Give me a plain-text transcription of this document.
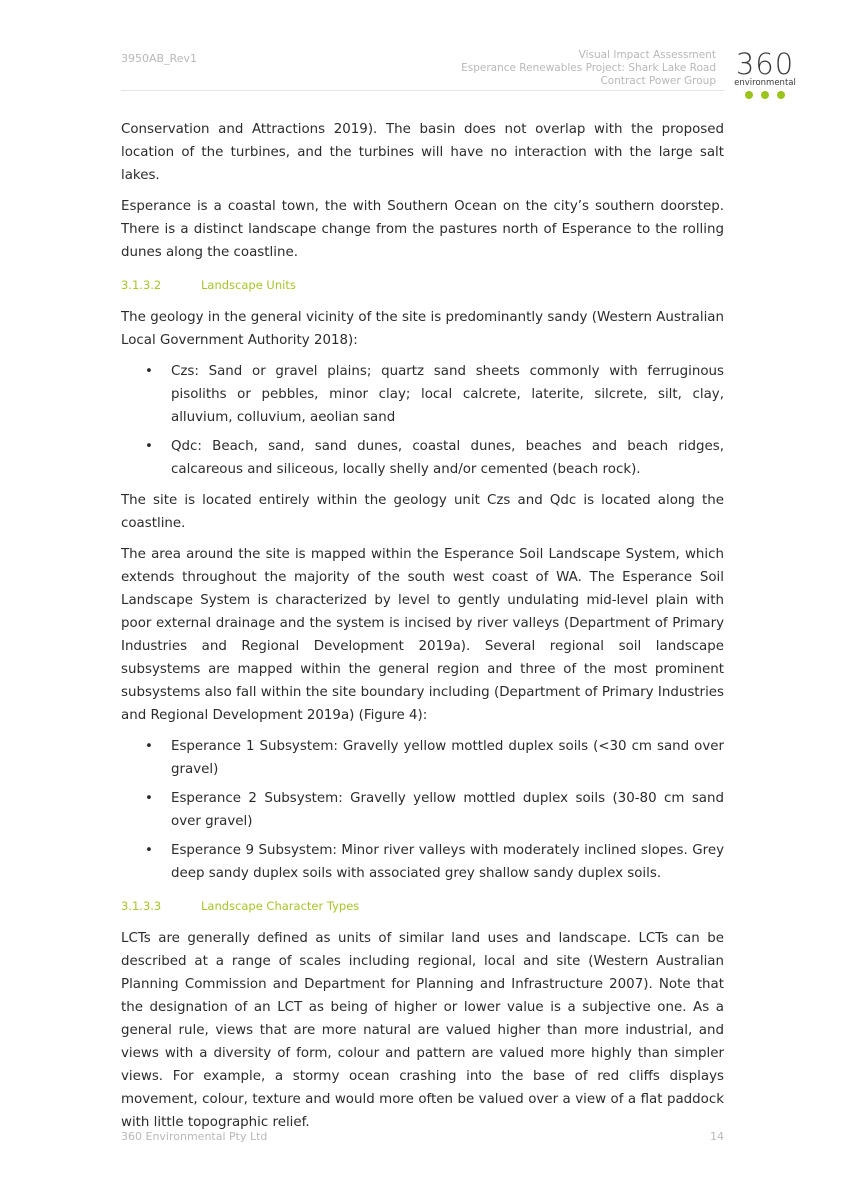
3950AB_Rev1	Visual Impact Assessment
Esperance Renewables Project: Shark Lake Road
Contract Power Group 360
environmental

Conservation and Attractions 2019). The basin does not overlap with the proposed location of the turbines, and the turbines will have no interaction with the large salt lakes.

Esperance is a coastal town, the with Southern Ocean on the city’s southern doorstep. There is a distinct landscape change from the pastures north of Esperance to the rolling dunes along the coastline.

3.1.3.2	Landscape Units

The geology in the general vicinity of the site is predominantly sandy (Western Australian Local Government Authority 2018):

• Czs: Sand or gravel plains; quartz sand sheets commonly with ferruginous pisoliths or pebbles, minor clay; local calcrete, laterite, silcrete, silt, clay, alluvium, colluvium, aeolian sand
• Qdc: Beach, sand, sand dunes, coastal dunes, beaches and beach ridges, calcareous and siliceous, locally shelly and/or cemented (beach rock).

The site is located entirely within the geology unit Czs and Qdc is located along the coastline.

The area around the site is mapped within the Esperance Soil Landscape System, which extends throughout the majority of the south west coast of WA. The Esperance Soil Landscape System is characterized by level to gently undulating mid-level plain with poor external drainage and the system is incised by river valleys (Department of Primary Industries and Regional Development 2019a). Several regional soil landscape subsystems are mapped within the general region and three of the most prominent subsystems also fall within the site boundary including (Department of Primary Industries and Regional Development 2019a) (Figure 4):

• Esperance 1 Subsystem: Gravelly yellow mottled duplex soils (<30 cm sand over gravel)
• Esperance 2 Subsystem: Gravelly yellow mottled duplex soils (30-80 cm sand over gravel)
• Esperance 9 Subsystem: Minor river valleys with moderately inclined slopes. Grey deep sandy duplex soils with associated grey shallow sandy duplex soils.
3.1.3.3	Landscape Character Types

LCTs are generally defined as units of similar land uses and landscape. LCTs can be described at a range of scales including regional, local and site (Western Australian Planning Commission and Department for Planning and Infrastructure 2007). Note that the designation of an LCT as being of higher or lower value is a subjective one. As a general rule, views that are more natural are valued higher than more industrial, and views with a diversity of form, colour and pattern are valued more highly than simpler views. For example, a stormy ocean crashing into the base of red cliffs displays movement, colour, texture and would more often be valued over a view of a flat paddock with little topographic relief.

360 Environmental Pty Ltd	14
